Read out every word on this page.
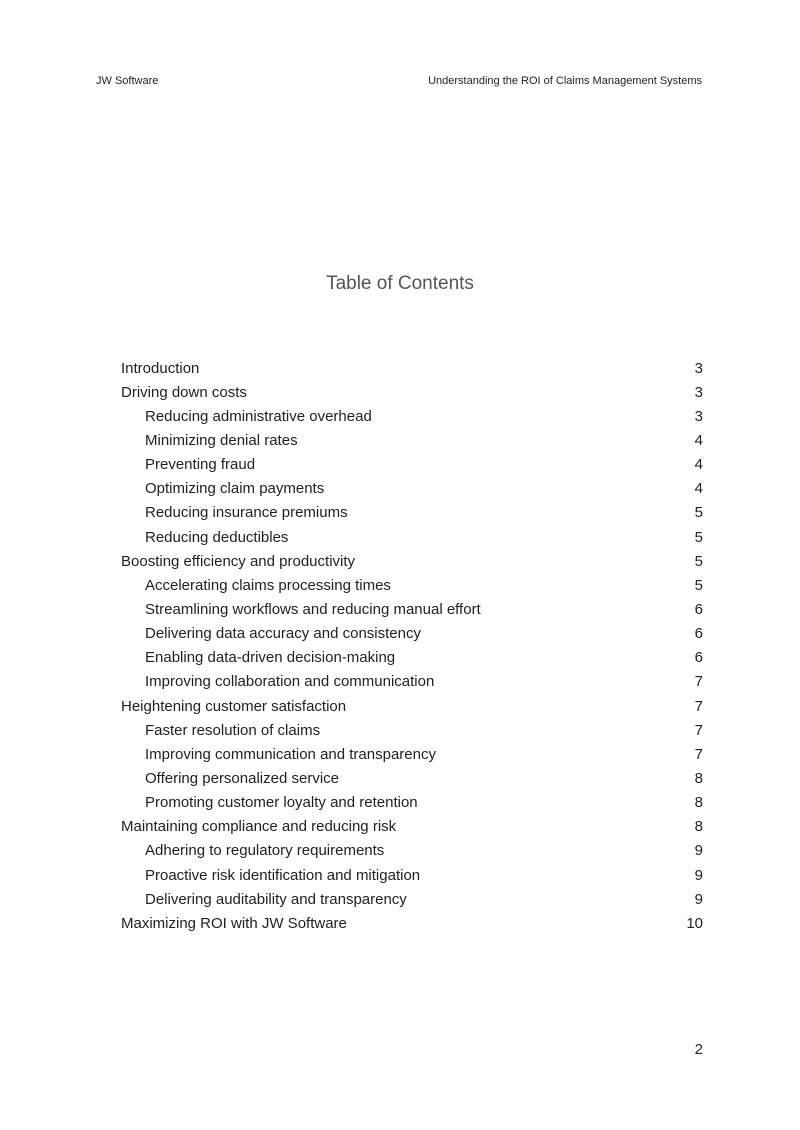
JW Software	Understanding the ROI of Claims Management Systems
Table of Contents
Introduction	3
Driving down costs	3
Reducing administrative overhead	3
Minimizing denial rates	4
Preventing fraud	4
Optimizing claim payments	4
Reducing insurance premiums	5
Reducing deductibles	5
Boosting efficiency and productivity	5
Accelerating claims processing times	5
Streamlining workflows and reducing manual effort	6
Delivering data accuracy and consistency	6
Enabling data-driven decision-making	6
Improving collaboration and communication	7
Heightening customer satisfaction	7
Faster resolution of claims	7
Improving communication and transparency	7
Offering personalized service	8
Promoting customer loyalty and retention	8
Maintaining compliance and reducing risk	8
Adhering to regulatory requirements	9
Proactive risk identification and mitigation	9
Delivering auditability and transparency	9
Maximizing ROI with JW Software	10
2
